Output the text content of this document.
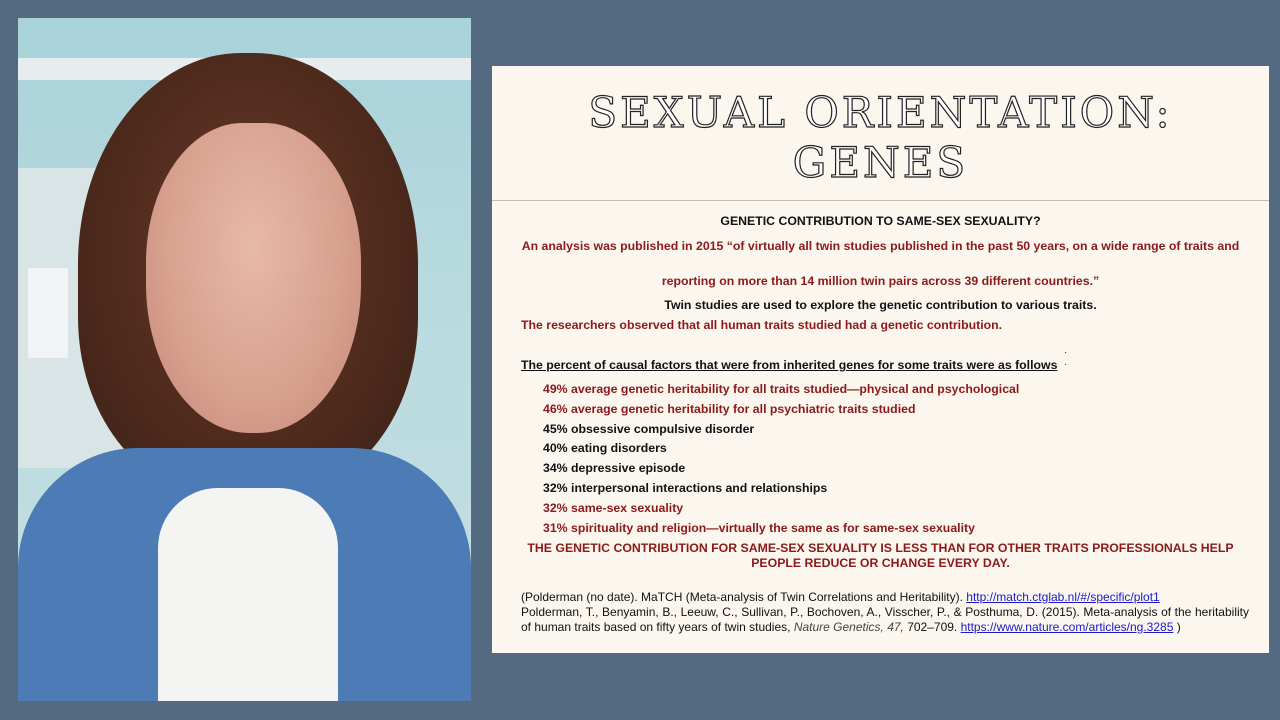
SEXUAL ORIENTATION:
GENES
GENETIC CONTRIBUTION TO SAME-SEX SEXUALITY?
An analysis was published in 2015 “of virtually all twin studies published in the past 50 years, on a wide range of traits and
reporting on more than 14 million twin pairs across 39 different countries.”
Twin studies are used to explore the genetic contribution to various traits.
The researchers observed that all human traits studied had a genetic contribution.
The percent of causal factors that were from inherited genes for some traits were as follows
·

·
49% average genetic heritability for all traits studied—physical and psychological
46% average genetic heritability for all psychiatric traits studied
45% obsessive compulsive disorder
40% eating disorders
34% depressive episode
32% interpersonal interactions and relationships
32% same-sex sexuality
31% spirituality and religion—virtually the same as for same-sex sexuality
THE GENETIC CONTRIBUTION FOR SAME-SEX SEXUALITY IS LESS THAN FOR OTHER TRAITS PROFESSIONALS HELP
PEOPLE REDUCE OR CHANGE EVERY DAY.
(Polderman (no date). MaTCH (Meta-analysis of Twin Correlations and Heritability). http://match.ctglab.nl/#/specific/plot1
Polderman, T., Benyamin, B., Leeuw, C., Sullivan, P., Bochoven, A., Visscher, P., & Posthuma, D. (2015). Meta-analysis of the heritability of human traits based on fifty years of twin studies, Nature Genetics, 47, 702–709. https://www.nature.com/articles/ng.3285 )
